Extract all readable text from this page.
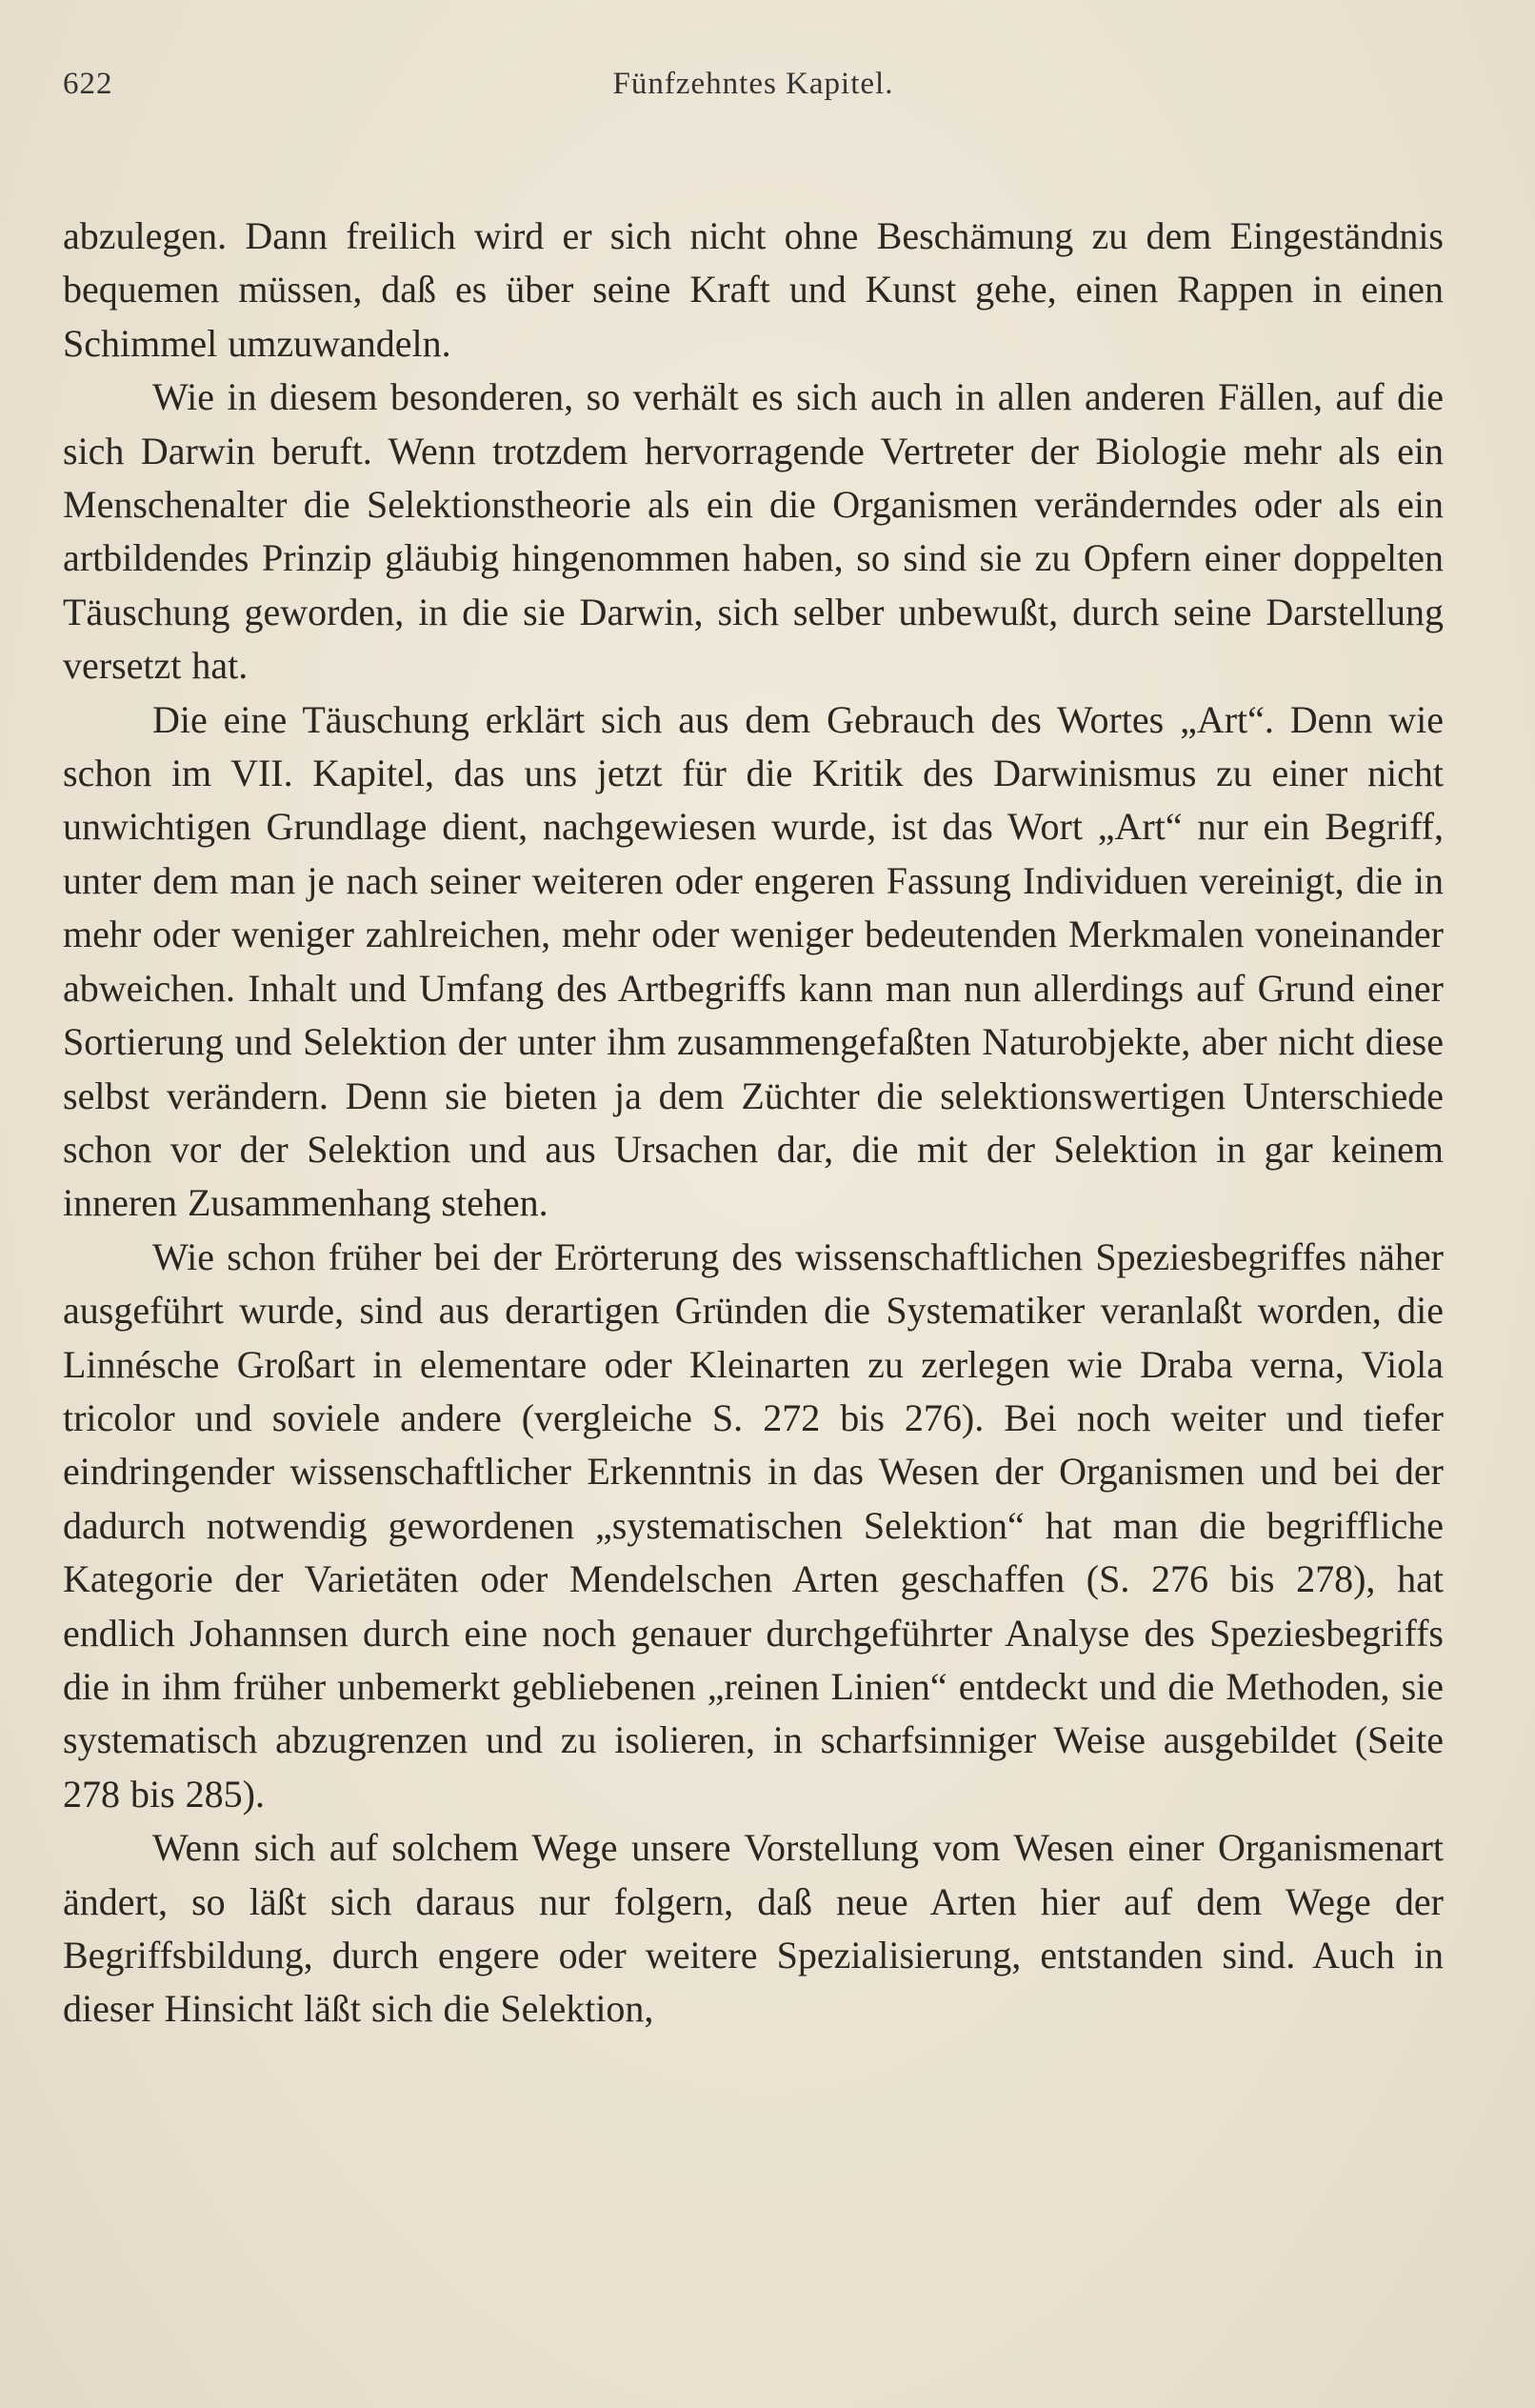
622	Fünfzehntes Kapitel.

abzulegen. Dann freilich wird er sich nicht ohne Beschämung zu dem Eingeständnis bequemen müssen, daß es über seine Kraft und Kunst gehe, einen Rappen in einen Schimmel umzuwandeln.

Wie in diesem besonderen, so verhält es sich auch in allen anderen Fällen, auf die sich Darwin beruft. Wenn trotzdem hervorragende Vertreter der Biologie mehr als ein Menschenalter die Selektionstheorie als ein die Organismen veränderndes oder als ein artbildendes Prinzip gläubig hingenommen haben, so sind sie zu Opfern einer doppelten Täuschung geworden, in die sie Darwin, sich selber unbewußt, durch seine Darstellung versetzt hat.

Die eine Täuschung erklärt sich aus dem Gebrauch des Wortes „Art“. Denn wie schon im VII. Kapitel, das uns jetzt für die Kritik des Darwinismus zu einer nicht unwichtigen Grundlage dient, nachgewiesen wurde, ist das Wort „Art“ nur ein Begriff, unter dem man je nach seiner weiteren oder engeren Fassung Individuen vereinigt, die in mehr oder weniger zahlreichen, mehr oder weniger bedeutenden Merkmalen voneinander abweichen. Inhalt und Umfang des Artbegriffs kann man nun allerdings auf Grund einer Sortierung und Selektion der unter ihm zusammengefaßten Naturobjekte, aber nicht diese selbst verändern. Denn sie bieten ja dem Züchter die selektionswertigen Unterschiede schon vor der Selektion und aus Ursachen dar, die mit der Selektion in gar keinem inneren Zusammenhang stehen.

Wie schon früher bei der Erörterung des wissenschaftlichen Speziesbegriffes näher ausgeführt wurde, sind aus derartigen Gründen die Systematiker veranlaßt worden, die Linnésche Großart in elementare oder Kleinarten zu zerlegen wie Draba verna, Viola tricolor und soviele andere (vergleiche S. 272 bis 276). Bei noch weiter und tiefer eindringender wissenschaftlicher Erkenntnis in das Wesen der Organismen und bei der dadurch notwendig gewordenen „systematischen Selektion“ hat man die begriffliche Kategorie der Varietäten oder Mendelschen Arten geschaffen (S. 276 bis 278), hat endlich Johannsen durch eine noch genauer durchgeführter Analyse des Speziesbegriffs die in ihm früher unbemerkt gebliebenen „reinen Linien“ entdeckt und die Methoden, sie systematisch abzugrenzen und zu isolieren, in scharfsinniger Weise ausgebildet (Seite 278 bis 285).

Wenn sich auf solchem Wege unsere Vorstellung vom Wesen einer Organismenart ändert, so läßt sich daraus nur folgern, daß neue Arten hier auf dem Wege der Begriffsbildung, durch engere oder weitere Spezialisierung, entstanden sind. Auch in dieser Hinsicht läßt sich die Selektion,
